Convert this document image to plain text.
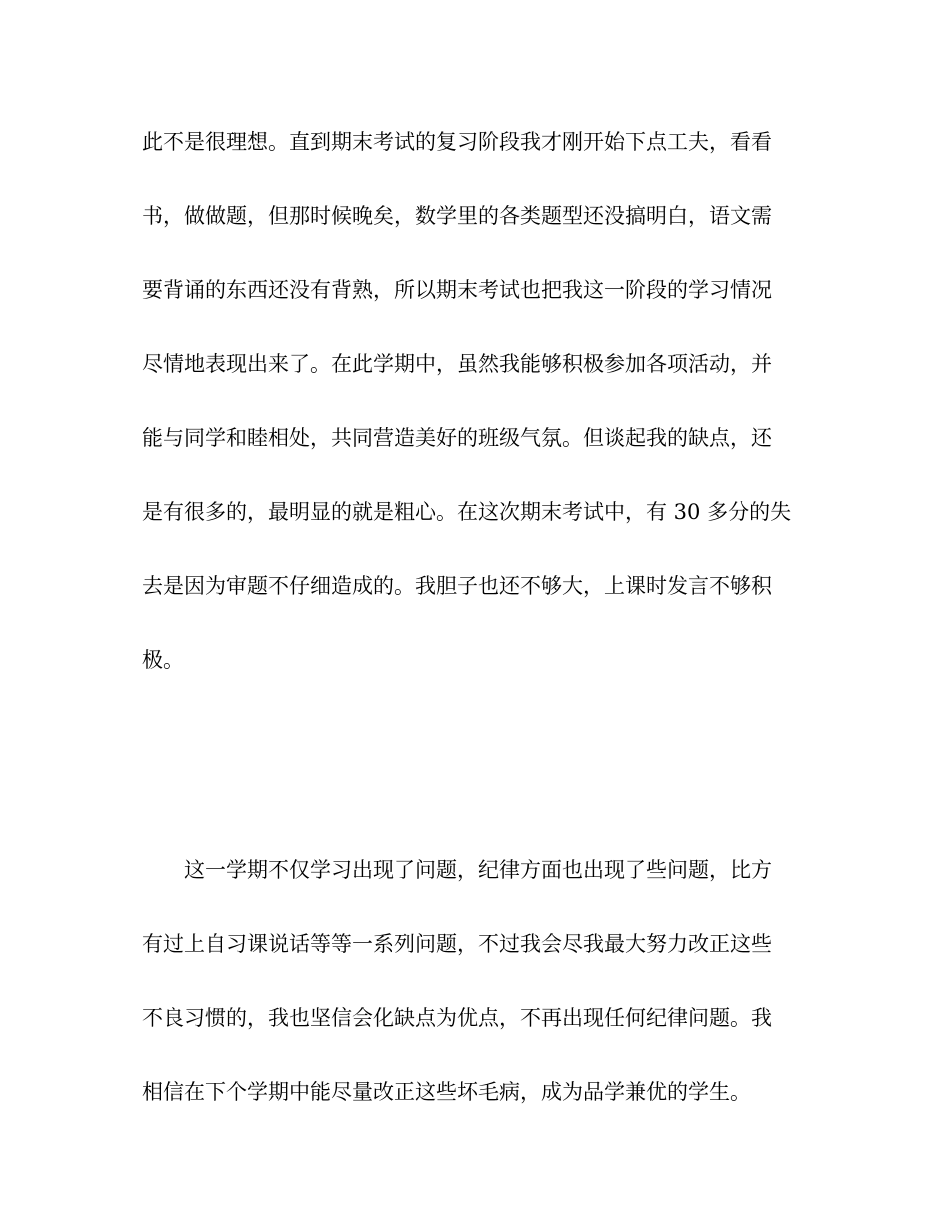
此不是很理想。直到期末考试的复习阶段我才刚开始下点工夫，看看
书，做做题，但那时候晚矣，数学里的各类题型还没搞明白，语文需
要背诵的东西还没有背熟，所以期末考试也把我这一阶段的学习情况
尽情地表现出来了。在此学期中，虽然我能够积极参加各项活动，并
能与同学和睦相处，共同营造美好的班级气氛。但谈起我的缺点，还
是有很多的，最明显的就是粗心。在这次期末考试中，有 30 多分的失
去是因为审题不仔细造成的。我胆子也还不够大，上课时发言不够积
极。
这一学期不仅学习出现了问题，纪律方面也出现了些问题，比方
有过上自习课说话等等一系列问题，不过我会尽我最大努力改正这些
不良习惯的，我也坚信会化缺点为优点，不再出现任何纪律问题。我
相信在下个学期中能尽量改正这些坏毛病，成为品学兼优的学生。
